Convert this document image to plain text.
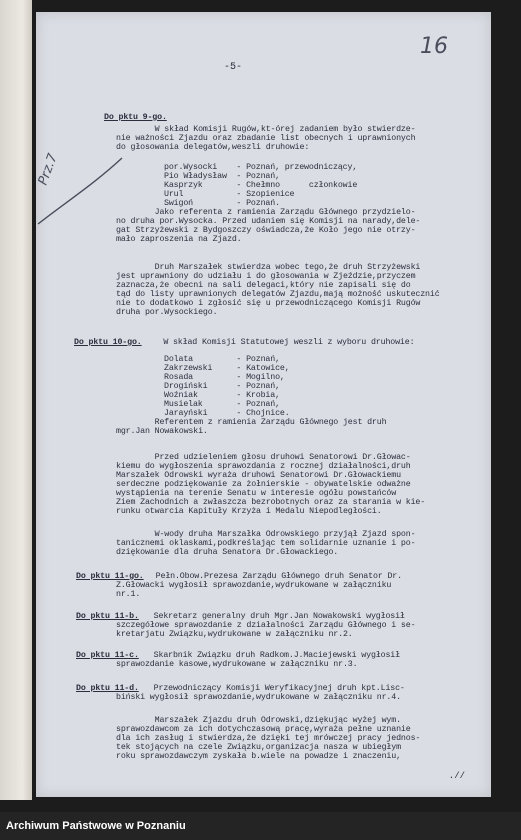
16
Prz.7
-5-
Do pktu 9-go.
W skład Komisji Rugów,kt-órej zadaniem było stwierdze-
nie ważności Zjazdu oraz zbadanie list obecnych i uprawnionych
do głosowania delegatów,weszli druhowie:
por.Wysocki    - Poznań, przewodniczący,
Pio Władysław  - Poznań,
Kasprzyk       - Chełmno      członkowie
Urul           - Szopienice
Swigoń         - Poznań.
Jako referenta z ramienia Zarządu Głównego przydzielo-
no druha por.Wysocka. Przed udaniem się Komisji na narady,dele-
gat Strzyżewski z Bydgoszczy oświadcza,że Koło jego nie otrzy-
mało zaproszenia na Zjazd.
Druh Marszałek stwierdza wobec tego,że druh Strzyżewski
jest uprawniony do udziału i do głosowania w Zjeździe,przyczem
zaznacza,że obecni na sali delegaci,który nie zapisali się do
tąd do listy uprawnionych delegatów Zjazdu,mają możność uskutecznić
nie to dodatkowo i zgłosić się u przewodniczącego Komisji Rugów
druha por.Wysockiego.
Do pktu 10-go. W skład Komisji Statutowej weszli z wyboru druhowie:
Dolata         - Poznań,
Zakrzewski     - Katowice,
Rosada         - Mogilno,
Drogiński      - Poznań,
Woźniak        - Krobia,
Musielak       - Poznań,
Jarayński      - Chojnice.
Referentem z ramienia Zarządu Głównego jest druh
mgr.Jan Nowakowski.
Przed udzieleniem głosu druhowi Senatorowi Dr.Głowac-
kiemu do wygłoszenia sprawozdania z rocznej działalności,druh
Marszałek Odrowski wyraża druhowi Senatorowi Dr.Głowackiemu
serdeczne podziękowanie za żołnierskie - obywatelskie odważne
wystąpienia na terenie Senatu w interesie ogółu powstańców
Ziem Zachodnich a zwłaszcza bezrobotnych oraz za starania w kie-
runku otwarcia Kapituły Krzyża i Medalu Niepodległości.
W-wody druha Marszałka Odrowskiego przyjął Zjazd spon-
tanicznemi oklaskami,podkreślając tem solidarnie uznanie i po-
dziękowanie dla druha Senatora Dr.Głowackiego.
Do pktu 11-go. Pełn.Obow.Prezesa Zarządu Głównego druh Senator Dr.
Z.Głowacki wygłosił sprawozdanie,wydrukowane w załączniku
nr.1.
Do pktu 11-b. Sekretarz generalny druh Mgr.Jan Nowakowski wygłosił
szczegółowe sprawozdanie z działalności Zarządu Głównego i se-
kretarjatu Związku,wydrukowane w załączniku nr.2.
Do pktu 11-c. Skarbnik Związku druh Radkom.J.Maciejewski wygłosił
sprawozdanie kasowe,wydrukowane w załączniku nr.3.
Do pktu 11-d. Przewodniczący Komisji Weryfikacyjnej druh kpt.Lisc-
biński wygłosił sprawozdanie,wydrukowane w załączniku nr.4.
Marszałek Zjazdu druh Odrowski,dziękując wyżej wym.
sprawozdawcom za ich dotychczasową pracę,wyraża pełne uznanie
dla ich zasług i stwierdza,że dzięki tej mrówczej pracy jednos-
tek stojących na czele Związku,organizacja nasza w ubiegłym
roku sprawozdawczym zyskała b.wiele na powadze i znaczeniu,
.//
Archiwum Państwowe w Poznaniu
